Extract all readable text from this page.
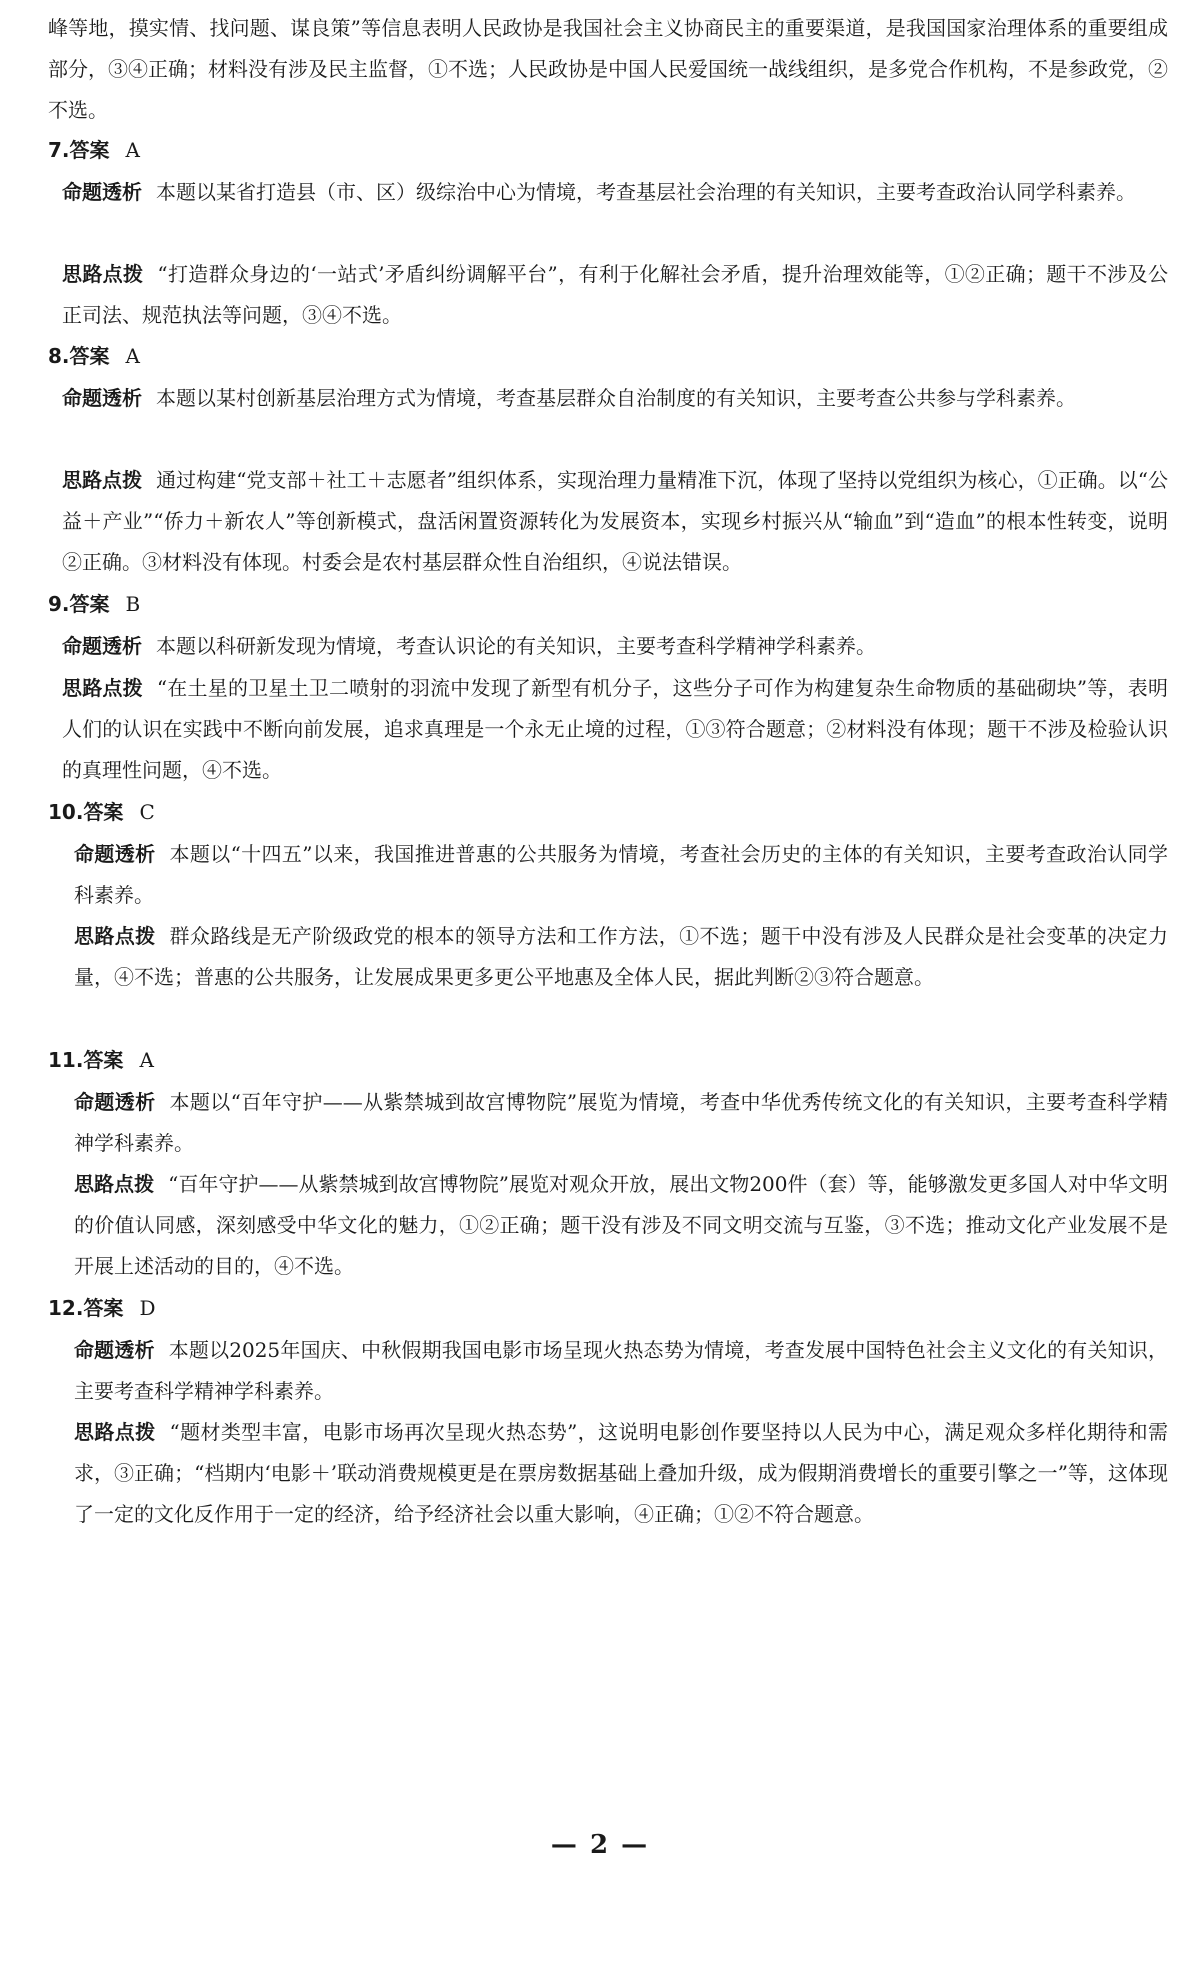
峰等地，摸实情、找问题、谋良策”等信息表明人民政协是我国社会主义协商民主的重要渠道，是我国国家治理体系的重要组成部分，③④正确；材料没有涉及民主监督，①不选；人民政协是中国人民爱国统一战线组织，是多党合作机构，不是参政党，②不选。

7.答案 A

命题透析 本题以某省打造县（市、区）级综治中心为情境，考查基层社会治理的有关知识，主要考查政治认同学科素养。

思路点拨 “打造群众身边的‘一站式’矛盾纠纷调解平台”，有利于化解社会矛盾，提升治理效能等，①②正确；题干不涉及公正司法、规范执法等问题，③④不选。

8.答案 A

命题透析 本题以某村创新基层治理方式为情境，考查基层群众自治制度的有关知识，主要考查公共参与学科素养。

思路点拨 通过构建“党支部＋社工＋志愿者”组织体系，实现治理力量精准下沉，体现了坚持以党组织为核心，①正确。以“公益＋产业”“侨力＋新农人”等创新模式，盘活闲置资源转化为发展资本，实现乡村振兴从“输血”到“造血”的根本性转变，说明②正确。③材料没有体现。村委会是农村基层群众性自治组织，④说法错误。

9.答案 B

命题透析 本题以科研新发现为情境，考查认识论的有关知识，主要考查科学精神学科素养。

思路点拨 “在土星的卫星土卫二喷射的羽流中发现了新型有机分子，这些分子可作为构建复杂生命物质的基础砌块”等，表明人们的认识在实践中不断向前发展，追求真理是一个永无止境的过程，①③符合题意；②材料没有体现；题干不涉及检验认识的真理性问题，④不选。

10.答案 C

命题透析 本题以“十四五”以来，我国推进普惠的公共服务为情境，考查社会历史的主体的有关知识，主要考查政治认同学科素养。

思路点拨 群众路线是无产阶级政党的根本的领导方法和工作方法，①不选；题干中没有涉及人民群众是社会变革的决定力量，④不选；普惠的公共服务，让发展成果更多更公平地惠及全体人民，据此判断②③符合题意。

11.答案 A

命题透析 本题以“百年守护——从紫禁城到故宫博物院”展览为情境，考查中华优秀传统文化的有关知识，主要考查科学精神学科素养。

思路点拨 “百年守护——从紫禁城到故宫博物院”展览对观众开放，展出文物200件（套）等，能够激发更多国人对中华文明的价值认同感，深刻感受中华文化的魅力，①②正确；题干没有涉及不同文明交流与互鉴，③不选；推动文化产业发展不是开展上述活动的目的，④不选。

12.答案 D

命题透析 本题以2025年国庆、中秋假期我国电影市场呈现火热态势为情境，考查发展中国特色社会主义文化的有关知识，主要考查科学精神学科素养。

思路点拨 “题材类型丰富，电影市场再次呈现火热态势”，这说明电影创作要坚持以人民为中心，满足观众多样化期待和需求，③正确；“档期内‘电影＋’联动消费规模更是在票房数据基础上叠加升级，成为假期消费增长的重要引擎之一”等，这体现了一定的文化反作用于一定的经济，给予经济社会以重大影响，④正确；①②不符合题意。

— 2 —
